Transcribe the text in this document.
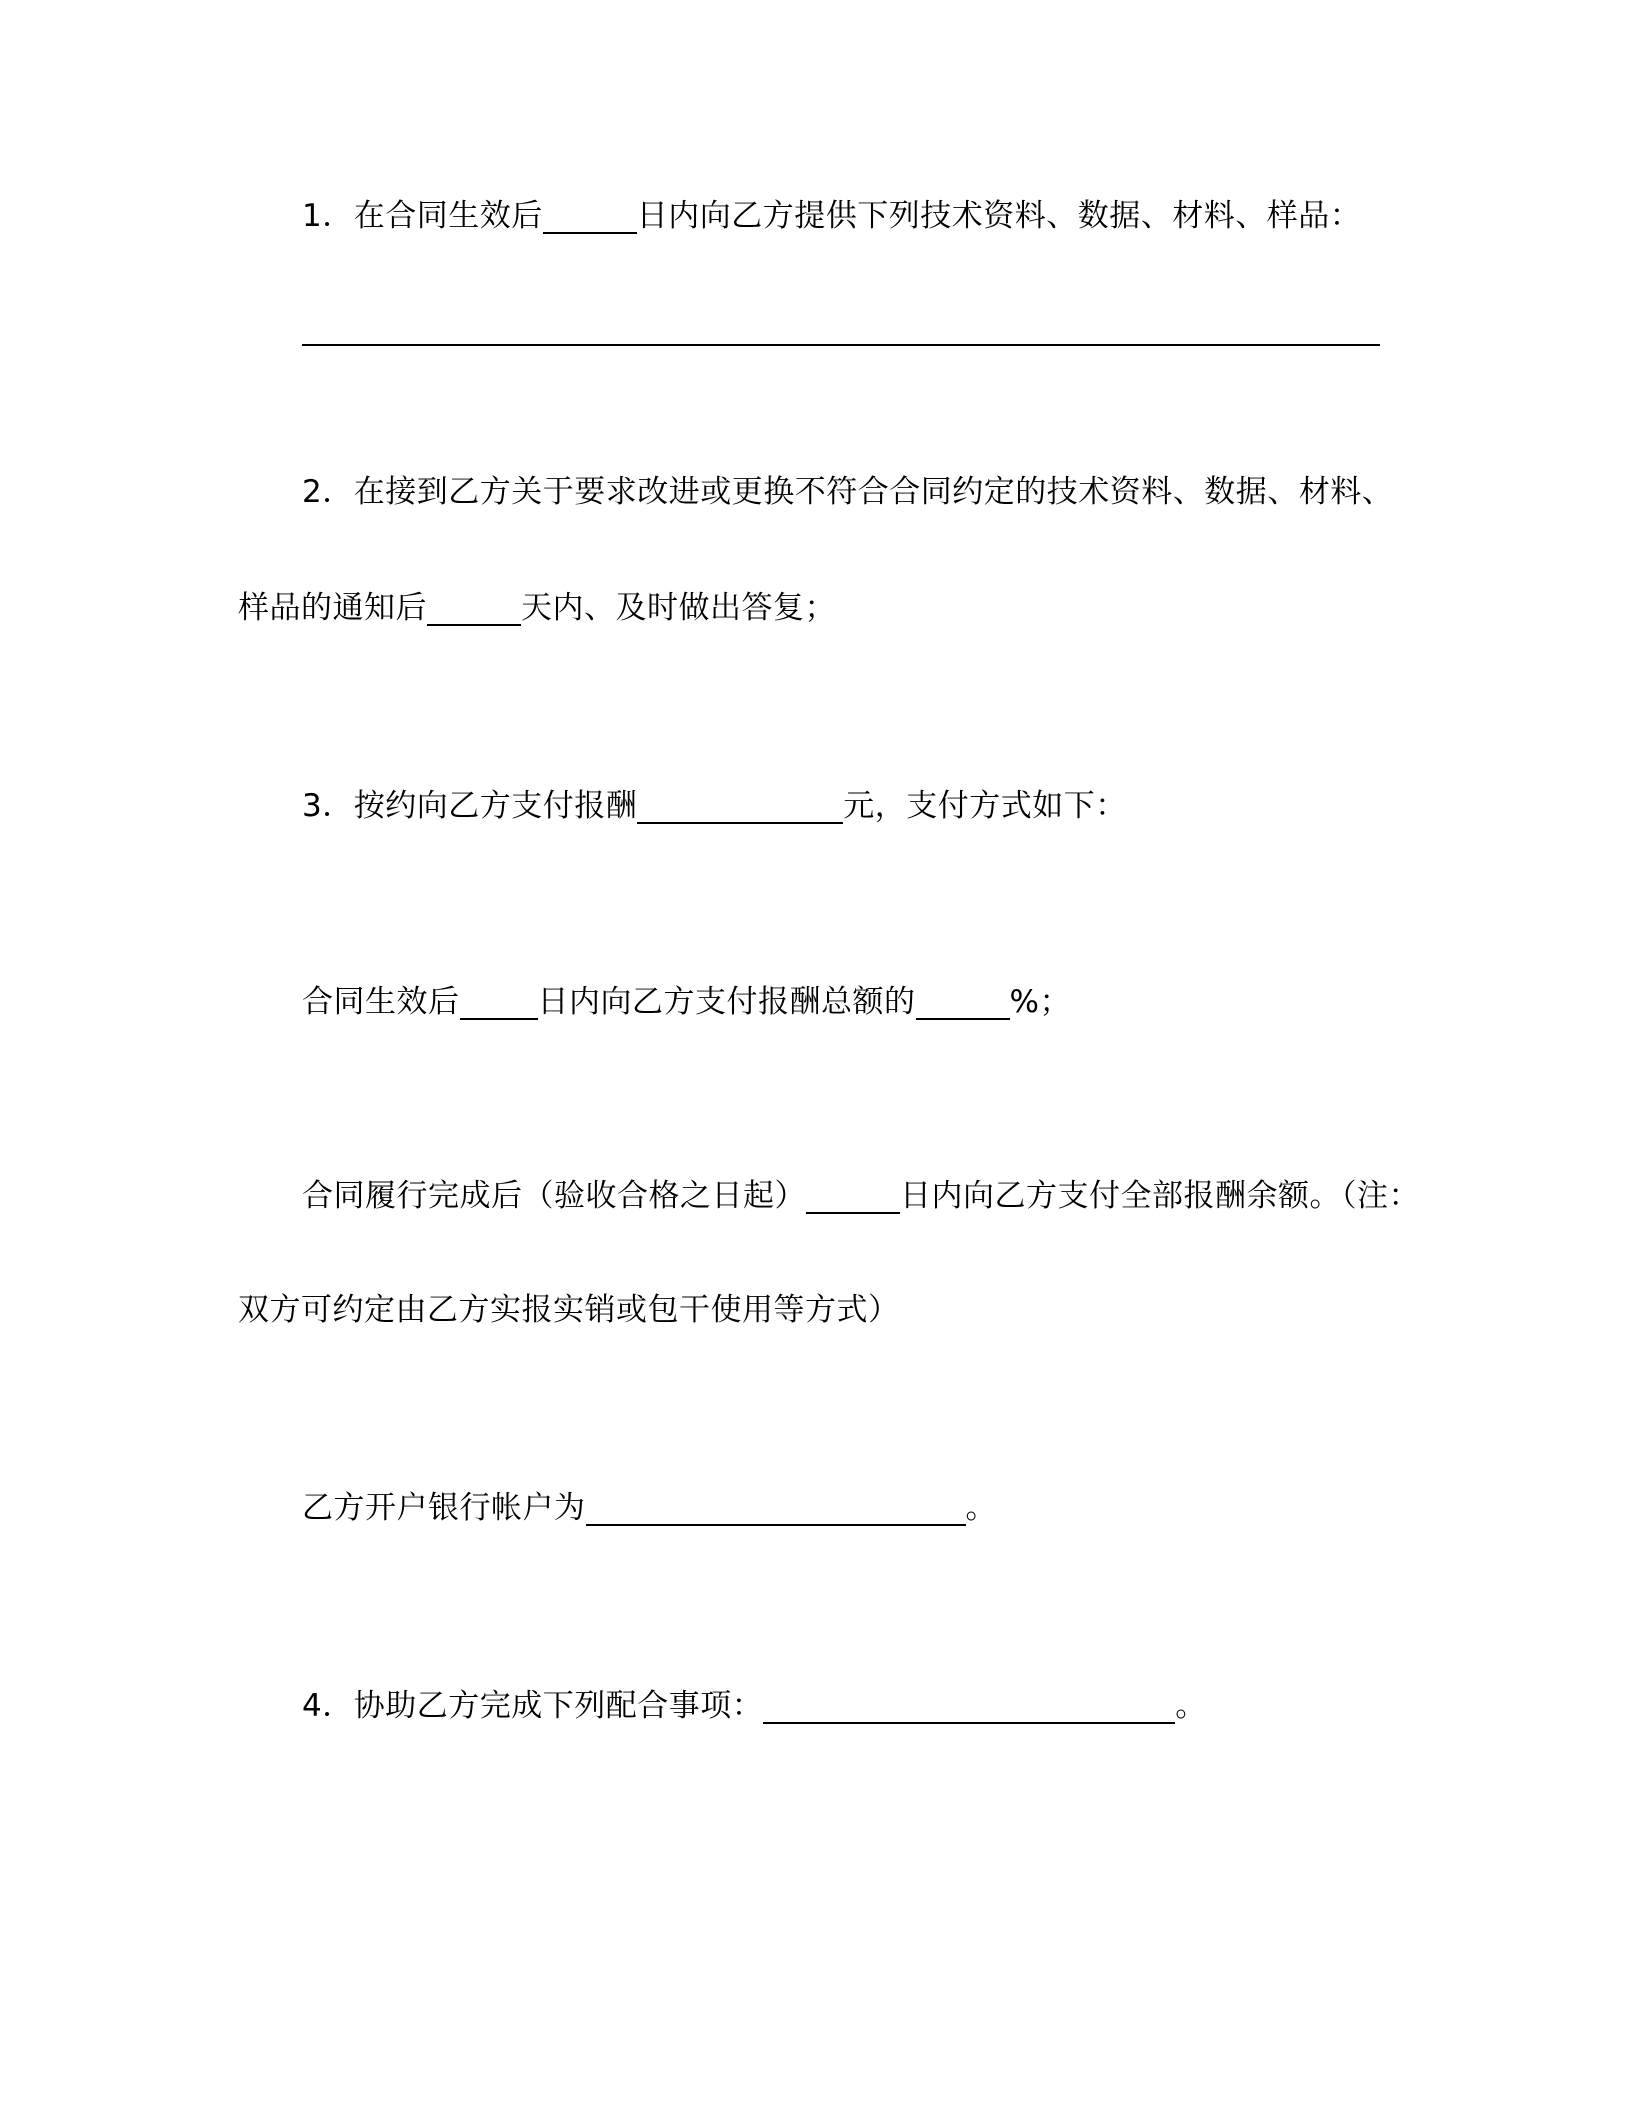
1．在合同生效后	日内向乙方提供下列技术资料、数据、材料、样品：
2．在接到乙方关于要求改进或更换不符合合同约定的技术资料、数据、材料、
样品的通知后	天内、及时做出答复；
3．按约向乙方支付报酬	元，支付方式如下：
合同生效后	日内向乙方支付报酬总额的	%；
合同履行完成后（验收合格之日起）	日内向乙方支付全部报酬余额。（注：
双方可约定由乙方实报实销或包干使用等方式）
乙方开户银行帐户为	。
4．协助乙方完成下列配合事项：	。
